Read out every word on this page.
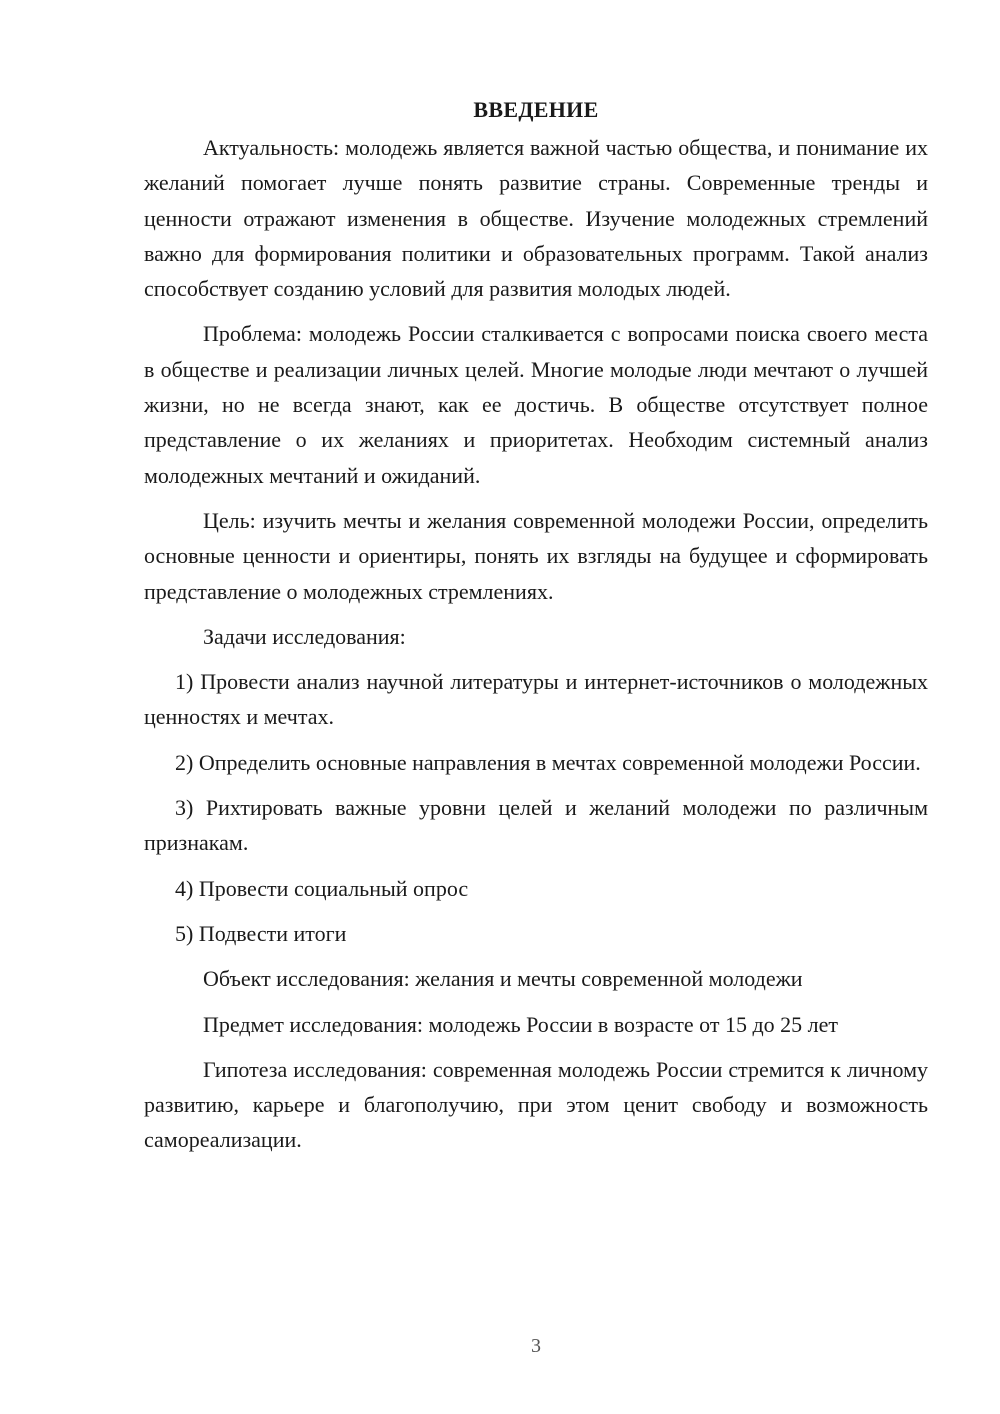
ВВЕДЕНИЕ

Актуальность: молодежь является важной частью общества, и понимание их желаний помогает лучше понять развитие страны. Современные тренды и ценности отражают изменения в обществе. Изучение молодежных стремлений важно для формирования политики и образовательных программ. Такой анализ способствует созданию условий для развития молодых людей.

Проблема: молодежь России сталкивается с вопросами поиска своего места в обществе и реализации личных целей. Многие молодые люди мечтают о лучшей жизни, но не всегда знают, как ее достичь. В обществе отсутствует полное представление о их желаниях и приоритетах. Необходим системный анализ молодежных мечтаний и ожиданий.

Цель: изучить мечты и желания современной молодежи России, определить основные ценности и ориентиры, понять их взгляды на будущее и сформировать представление о молодежных стремлениях.

Задачи исследования:

1) Провести анализ научной литературы и интернет-источников о молодежных ценностях и мечтах.

2) Определить основные направления в мечтах современной молодежи России.

3) Рихтировать важные уровни целей и желаний молодежи по различным признакам.

4) Провести социальный опрос

5) Подвести итоги

Объект исследования: желания и мечты современной молодежи

Предмет исследования: молодежь России в возрасте от 15 до 25 лет

Гипотеза исследования: современная молодежь России стремится к личному развитию, карьере и благополучию, при этом ценит свободу и возможность самореализации.

3
